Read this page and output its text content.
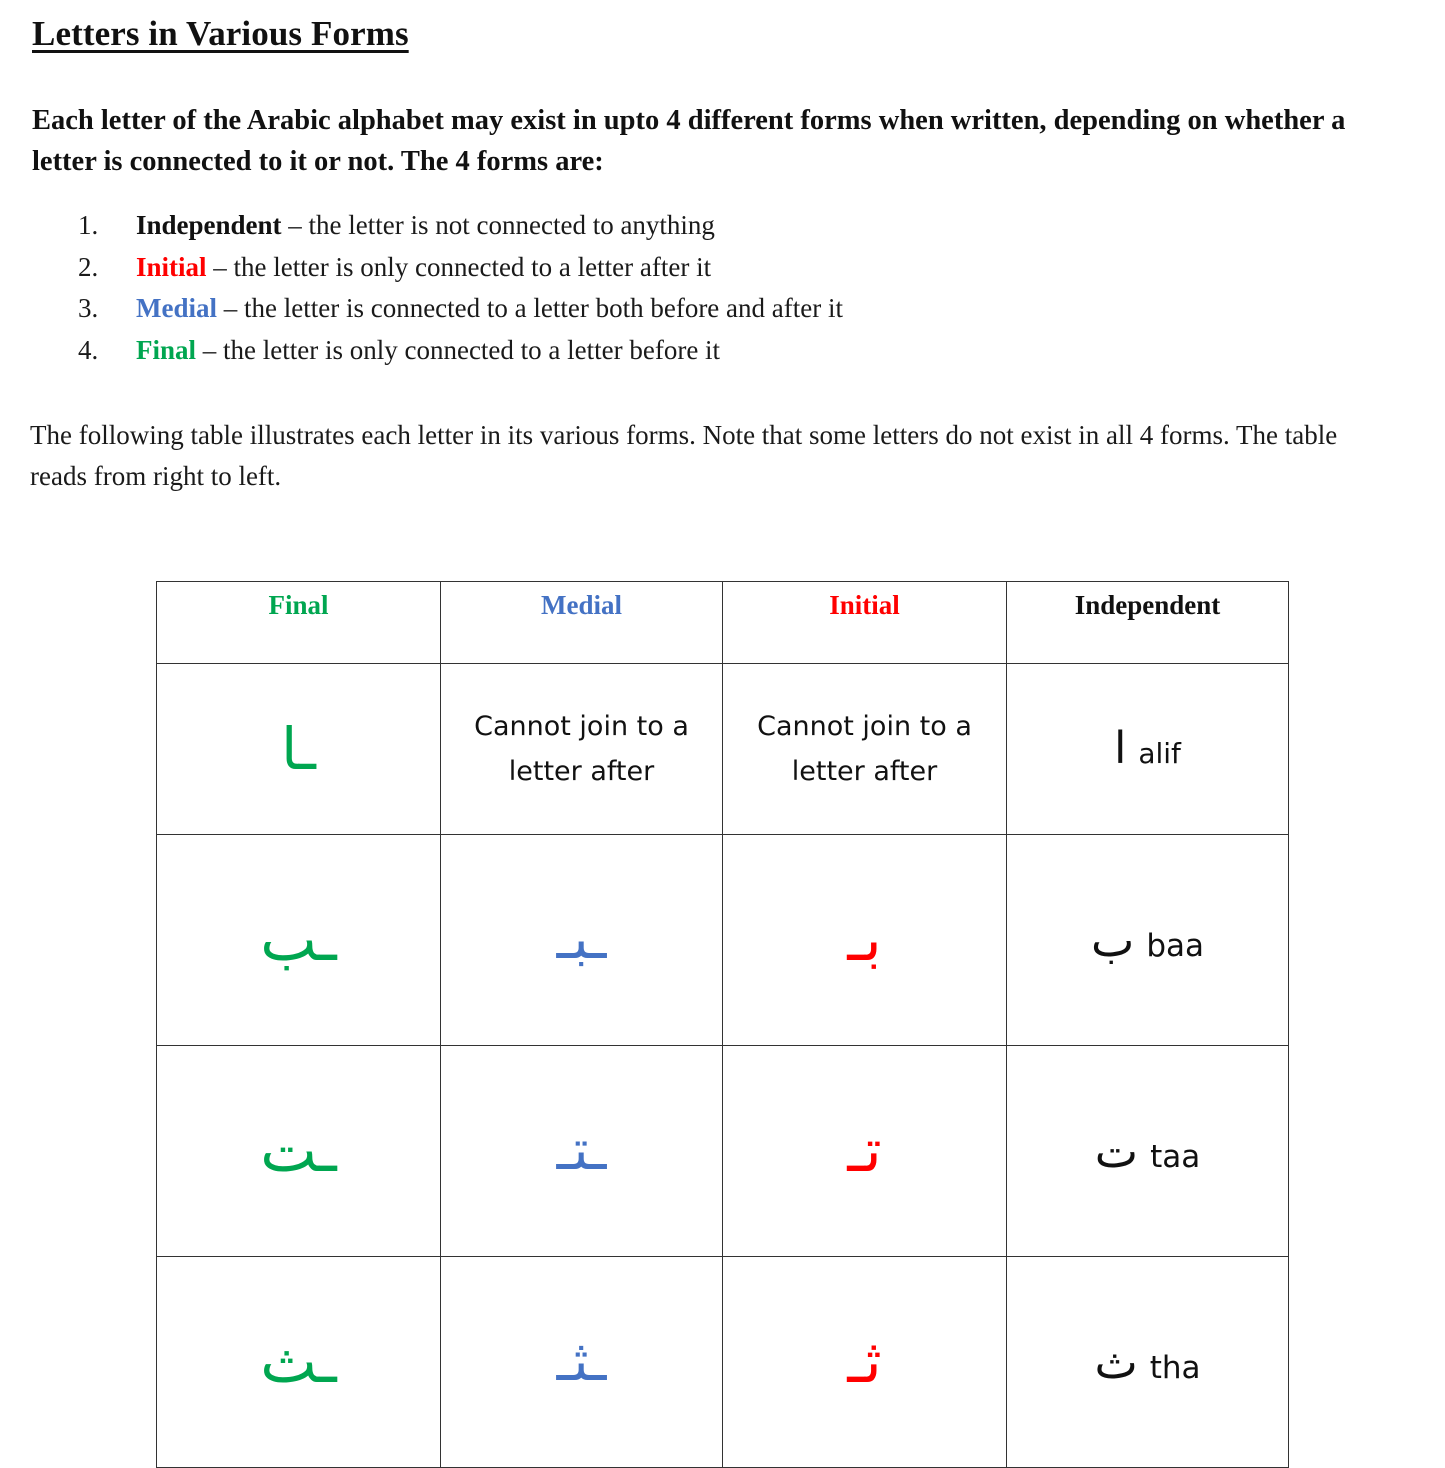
Letters in Various Forms
Each letter of the Arabic alphabet may exist in upto 4 different forms when written, depending on whether a letter is connected to it or not. The 4 forms are:
1. Independent – the letter is not connected to anything
2. Initial – the letter is only connected to a letter after it
3. Medial – the letter is connected to a letter both before and after it
4. Final – the letter is only connected to a letter before it
The following table illustrates each letter in its various forms. Note that some letters do not exist in all 4 forms. The table reads from right to left.
Final	Medial	Initial	Independent
ـا	Cannot join to a letter after	Cannot join to a letter after	ا alif

ـب	ـبـ	بـ	ب baa

ـت	ـتـ	تـ	ت taa

ـث	ـثـ	ثـ	ث tha
